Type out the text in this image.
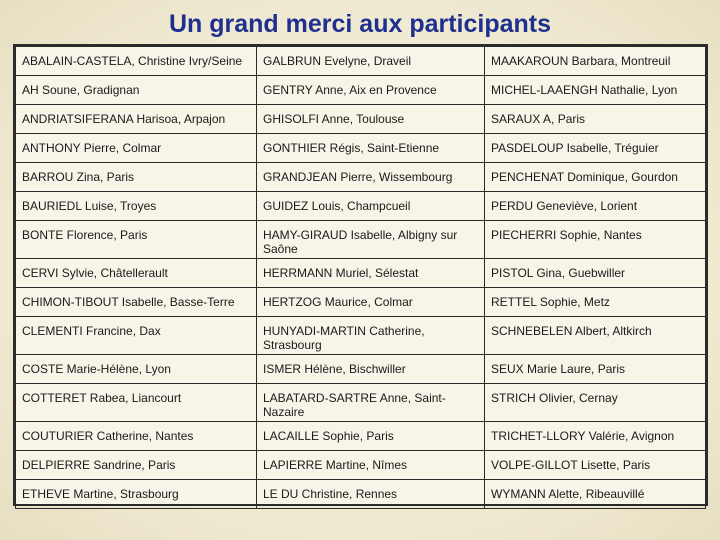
Un grand merci aux participants
ABALAIN-CASTELA, Christine Ivry/Seine	GALBRUN Evelyne, Draveil	MAAKAROUN Barbara, Montreuil
AH Soune, Gradignan	GENTRY Anne, Aix en Provence	MICHEL-LAAENGH Nathalie, Lyon
ANDRIATSIFERANA Harisoa, Arpajon	GHISOLFI Anne, Toulouse	SARAUX A, Paris
ANTHONY Pierre, Colmar	GONTHIER Régis, Saint-Etienne	PASDELOUP Isabelle, Tréguier
BARROU Zina, Paris	GRANDJEAN Pierre, Wissembourg	PENCHENAT Dominique, Gourdon
BAURIEDL Luise, Troyes	GUIDEZ Louis, Champcueil	PERDU Geneviève, Lorient
BONTE Florence, Paris	HAMY-GIRAUD Isabelle, Albigny sur Saône	PIECHERRI Sophie, Nantes
CERVI Sylvie, Châtellerault	HERRMANN Muriel, Sélestat	PISTOL Gina, Guebwiller
CHIMON-TIBOUT Isabelle, Basse-Terre	HERTZOG Maurice, Colmar	RETTEL Sophie, Metz
CLEMENTI Francine, Dax	HUNYADI-MARTIN Catherine, Strasbourg	SCHNEBELEN Albert, Altkirch
COSTE Marie-Hélène, Lyon	ISMER Hélène, Bischwiller	SEUX Marie Laure, Paris
COTTERET Rabea, Liancourt	LABATARD-SARTRE Anne, Saint-Nazaire	STRICH Olivier, Cernay
COUTURIER Catherine, Nantes	LACAILLE Sophie, Paris	TRICHET-LLORY Valérie, Avignon
DELPIERRE Sandrine, Paris	LAPIERRE Martine, Nîmes	VOLPE-GILLOT Lisette, Paris
ETHEVE Martine, Strasbourg	LE DU Christine, Rennes	WYMANN Alette, Ribeauvillé
